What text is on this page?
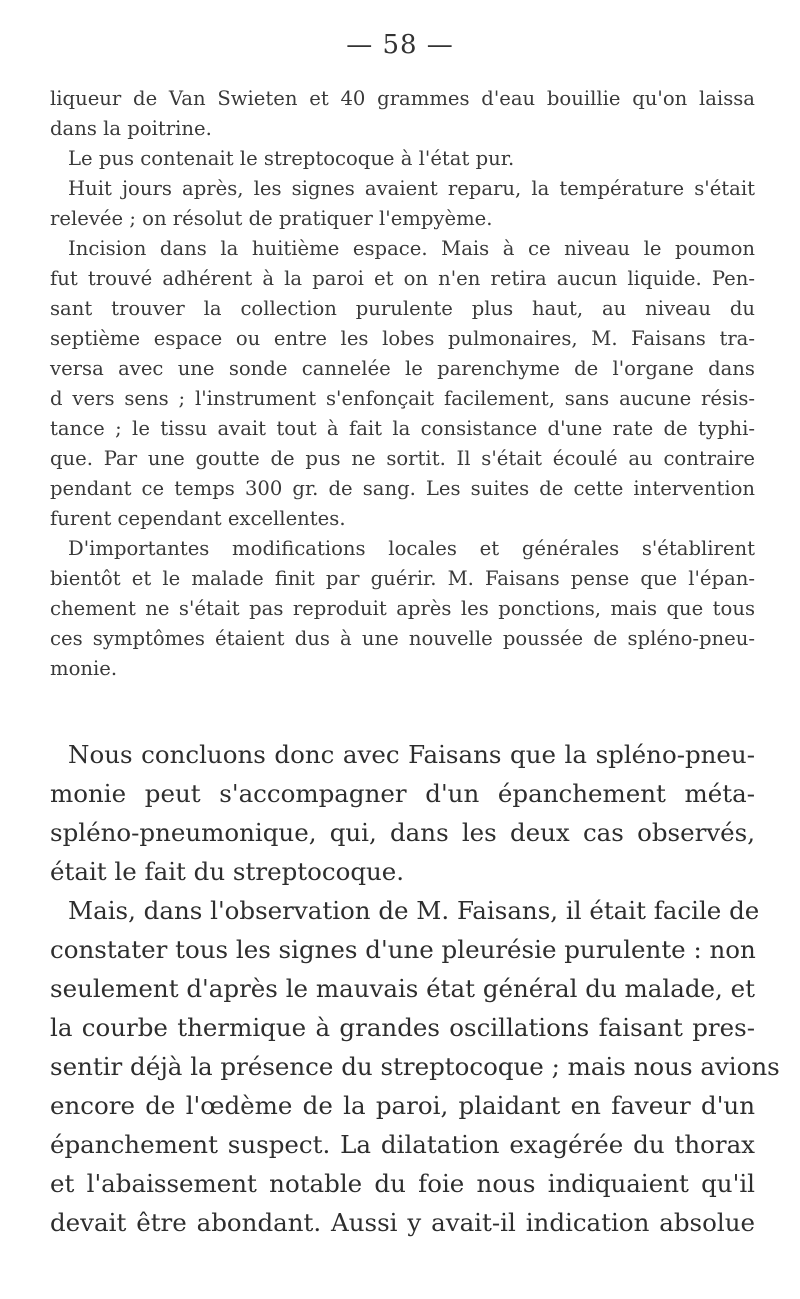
— 58 —
liqueur de Van Swieten et 40 grammes d'eau bouillie qu'on laissa
dans la poitrine.
Le pus contenait le streptocoque à l'état pur.
Huit jours après, les signes avaient reparu, la température s'était
relevée ; on résolut de pratiquer l'empyème.
Incision dans la huitième espace. Mais à ce niveau le poumon
fut trouvé adhérent à la paroi et on n'en retira aucun liquide. Pen-
sant trouver la collection purulente plus haut, au niveau du
septième espace ou entre les lobes pulmonaires, M. Faisans tra-
versa avec une sonde cannelée le parenchyme de l'organe dans
d vers sens ; l'instrument s'enfonçait facilement, sans aucune résis-
tance ; le tissu avait tout à fait la consistance d'une rate de typhi-
que. Par une goutte de pus ne sortit. Il s'était écoulé au contraire
pendant ce temps 300 gr. de sang. Les suites de cette intervention
furent cependant excellentes.
D'importantes modifications locales et générales s'établirent
bientôt et le malade finit par guérir. M. Faisans pense que l'épan-
chement ne s'était pas reproduit après les ponctions, mais que tous
ces symptômes étaient dus à une nouvelle poussée de spléno-pneu-
monie.
Nous concluons donc avec Faisans que la spléno-pneu-
monie peut s'accompagner d'un épanchement méta-
spléno-pneumonique, qui, dans les deux cas observés,
était le fait du streptocoque.
Mais, dans l'observation de M. Faisans, il était facile de
constater tous les signes d'une pleurésie purulente : non
seulement d'après le mauvais état général du malade, et
la courbe thermique à grandes oscillations faisant pres-
sentir déjà la présence du streptocoque ; mais nous avions
encore de l'œdème de la paroi, plaidant en faveur d'un
épanchement suspect. La dilatation exagérée du thorax
et l'abaissement notable du foie nous indiquaient qu'il
devait être abondant. Aussi y avait-il indication absolue
